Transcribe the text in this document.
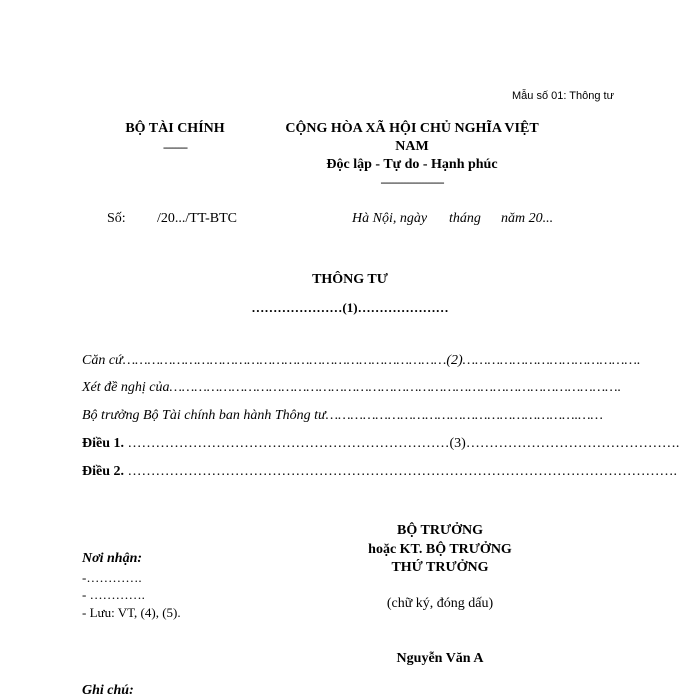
Mẫu số 01: Thông tư
BỘ TÀI CHÍNH
--------
CỘNG HÒA XÃ HỘI CHỦ NGHĨA VIỆT
NAM
Độc lập - Tự do - Hạnh phúc
---------------------
Số: /20.../TT-BTC	Hà Nội, ngày tháng năm 20...
THÔNG TƯ
…………………(1)…………………
Căn cứ……………………………………………………………………(2)…………………………………….
Xét đề nghị của……………………………………………………………………………………………….
Bộ trưởng Bộ Tài chính ban hành Thông tư…………………………………………………….……
Điều 1. ……………………………………………………………(3)……………………………………….
Điều 2. ……………………………………………………………………………………………………….
BỘ TRƯỞNG
hoặc KT. BỘ TRƯỞNG
THỨ TRƯỞNG
(chữ ký, đóng dấu)
Nguyễn Văn A
Nơi nhận:
-………….
- ………….
- Lưu: VT, (4), (5).
Ghi chú:
